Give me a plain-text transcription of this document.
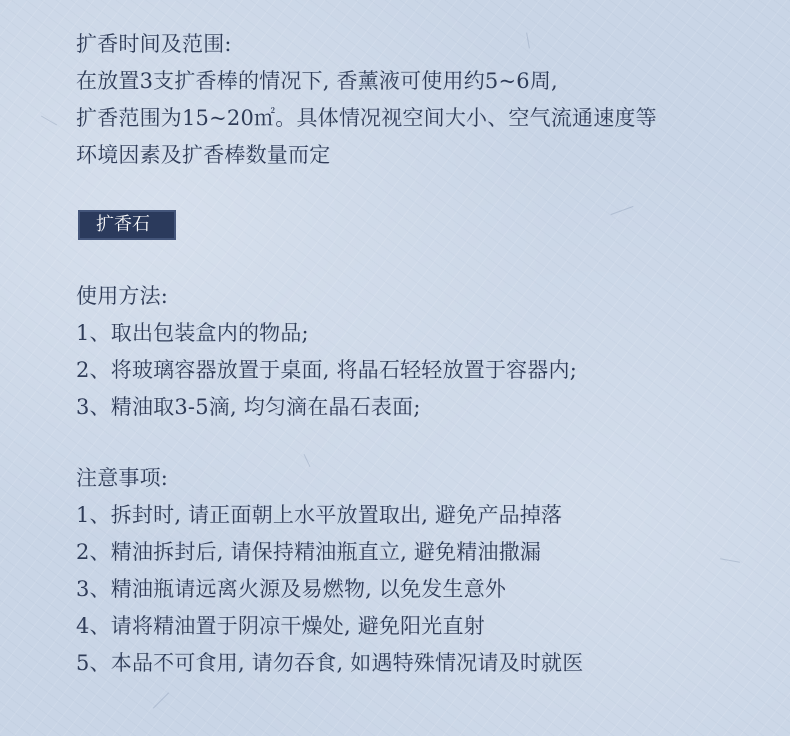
扩香时间及范围:
在放置3支扩香棒的情况下, 香薰液可使用约5~6周,
扩香范围为15~20㎡。具体情况视空间大小、空气流通速度等
环境因素及扩香棒数量而定
扩香石
使用方法:
1、取出包装盒内的物品;
2、将玻璃容器放置于桌面, 将晶石轻轻放置于容器内;
3、精油取3-5滴, 均匀滴在晶石表面;
注意事项:
1、拆封时, 请正面朝上水平放置取出, 避免产品掉落
2、精油拆封后, 请保持精油瓶直立, 避免精油撒漏
3、精油瓶请远离火源及易燃物, 以免发生意外
4、请将精油置于阴凉干燥处, 避免阳光直射
5、本品不可食用, 请勿吞食, 如遇特殊情况请及时就医
